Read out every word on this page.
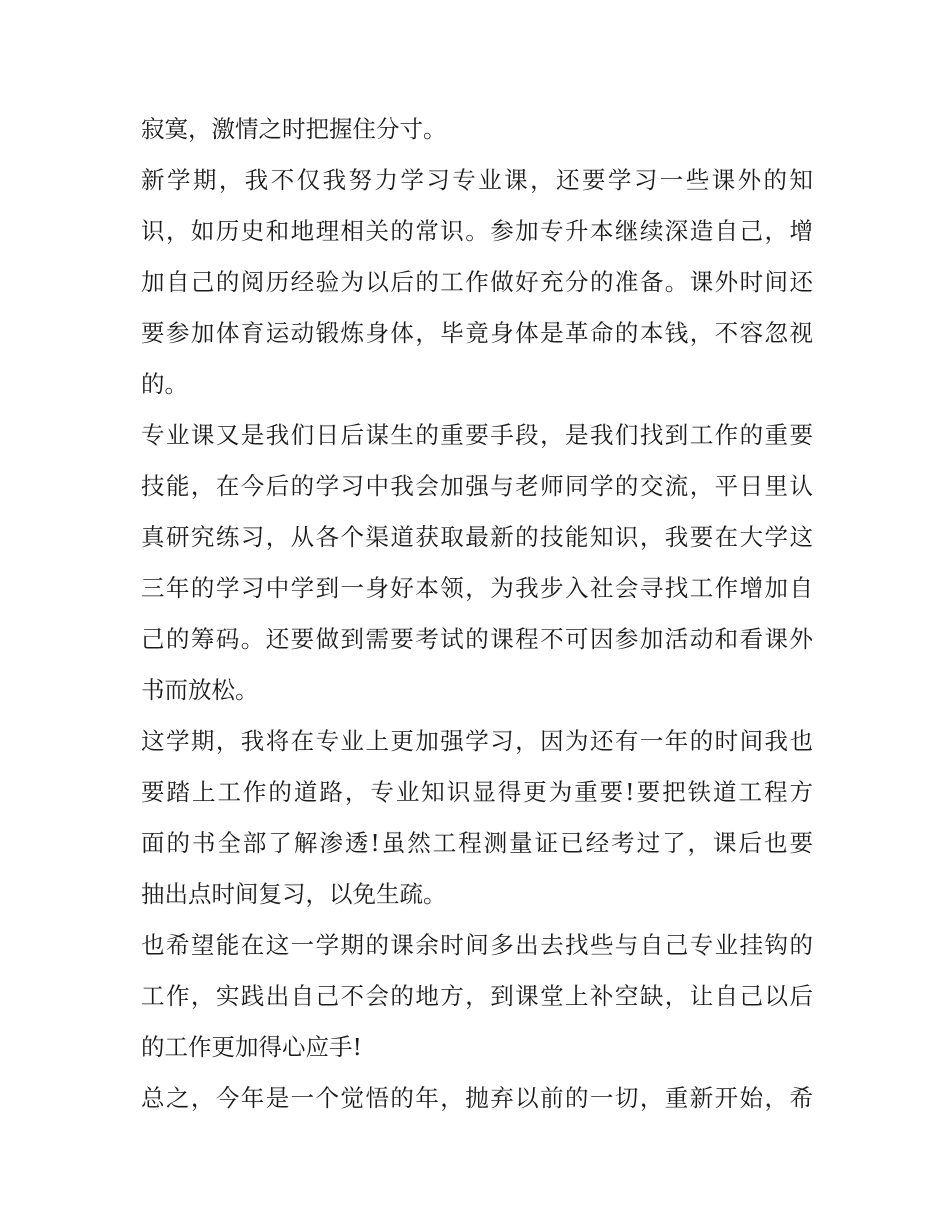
寂寞，激情之时把握住分寸。
新学期，我不仅我努力学习专业课，还要学习一些课外的知
识，如历史和地理相关的常识。参加专升本继续深造自己，增
加自己的阅历经验为以后的工作做好充分的准备。课外时间还
要参加体育运动锻炼身体，毕竟身体是革命的本钱，不容忽视
的。
专业课又是我们日后谋生的重要手段，是我们找到工作的重要
技能，在今后的学习中我会加强与老师同学的交流，平日里认
真研究练习，从各个渠道获取最新的技能知识，我要在大学这
三年的学习中学到一身好本领，为我步入社会寻找工作增加自
己的筹码。还要做到需要考试的课程不可因参加活动和看课外
书而放松。
这学期，我将在专业上更加强学习，因为还有一年的时间我也
要踏上工作的道路，专业知识显得更为重要!要把铁道工程方
面的书全部了解渗透!虽然工程测量证已经考过了，课后也要
抽出点时间复习，以免生疏。
也希望能在这一学期的课余时间多出去找些与自己专业挂钩的
工作，实践出自己不会的地方，到课堂上补空缺，让自己以后
的工作更加得心应手!
总之，今年是一个觉悟的年，抛弃以前的一切，重新开始，希
